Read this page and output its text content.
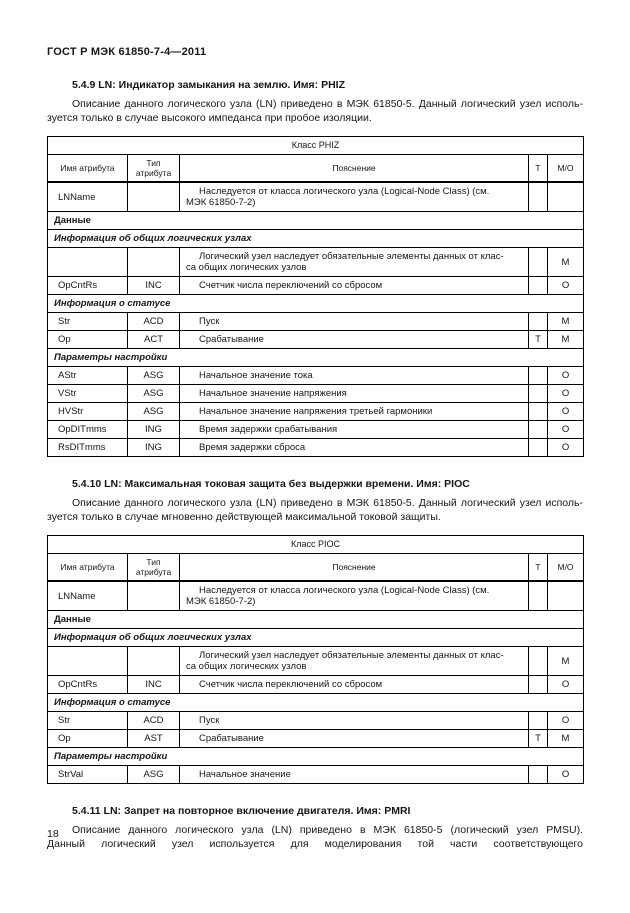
ГОСТ Р МЭК 61850-7-4—2011
5.4.9 LN: Индикатор замыкания на землю. Имя: PHIZ
Описание данного логического узла (LN) приведено в МЭК 61850-5. Данный логический узел исполь-
зуется только в случае высокого импеданса при пробое изоляции.
Класс PHIZ				
Имя атрибута	Тип атрибута	Пояснение	Т	М/О
LNName		Наследуется от класса логического узла (Logical-Node Class) (см.
МЭК 61850-7-2)		
Данные				
Информация об общих логических узлах				
		Логический узел наследует обязательные элементы данных от клас-
са общих логических узлов		М
OpCntRs	INC	Счетчик числа переключений со сбросом		О
Информация о статусе				
Str	ACD	Пуск		М
Op	ACT	Срабатывание	Т	М
Параметры настройки				
AStr	ASG	Начальное значение тока		О
VStr	ASG	Начальное значение напряжения		О
HVStr	ASG	Начальное значение напряжения третьей гармоники		О
OpDITmms	ING	Время задержки срабатывания		О
RsDITmms	ING	Время задержки сброса		О
5.4.10 LN: Максимальная токовая защита без выдержки времени. Имя: PIOC
Описание данного логического узла (LN) приведено в МЭК 61850-5. Данный логический узел исполь-
зуется только в случае мгновенно действующей максимальной токовой защиты.
Класс PIOC				
Имя атрибута	Тип атрибута	Пояснение	Т	М/О
LNName		Наследуется от класса логического узла (Logical-Node Class) (см.
МЭК 61850-7-2)		
Данные				
Информация об общих логических узлах				
		Логический узел наследует обязательные элементы данных от клас-
са общих логических узлов		М
OpCntRs	INC	Счетчик числа переключений со сбросом		О
Информация о статусе				
Str	ACD	Пуск		О
Op	AST	Срабатывание	Т	М
Параметры настройки				
StrVal	ASG	Начальное значение		О
5.4.11 LN: Запрет на повторное включение двигателя. Имя: PMRI
Описание данного логического узла (LN) приведено в МЭК 61850-5 (логический узел PMSU).
Данный логический узел используется для моделирования той части соответствующего
18
